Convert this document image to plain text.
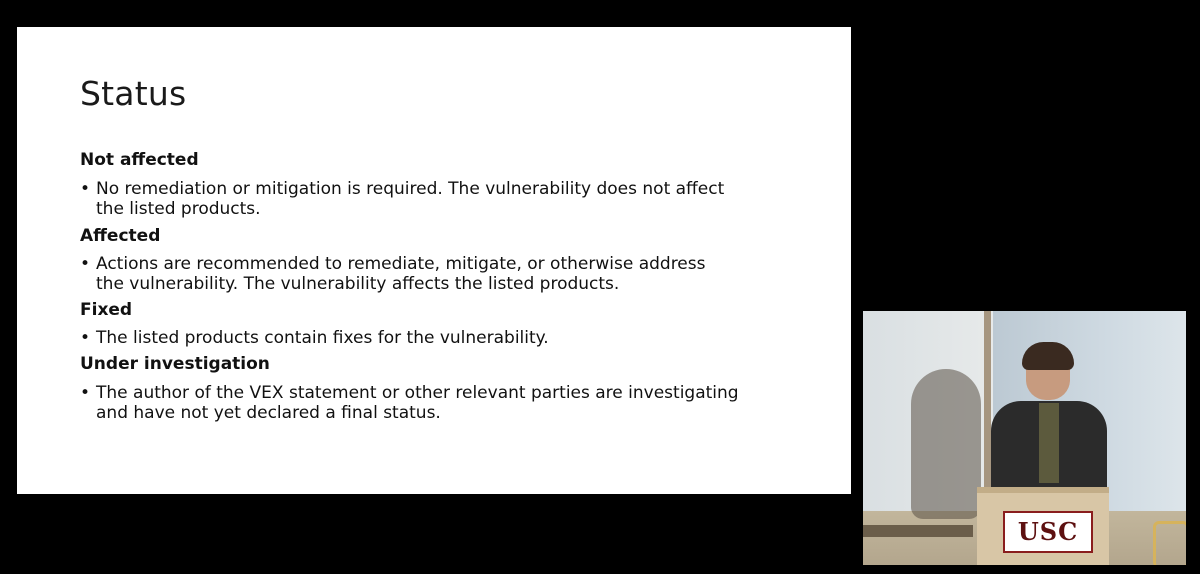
Status
Not affected
• No remediation or mitigation is required. The vulnerability does not affect
the listed products.
Affected
• Actions are recommended to remediate, mitigate, or otherwise address
the vulnerability. The vulnerability affects the listed products.
Fixed
• The listed products contain fixes for the vulnerability.
Under investigation
• The author of the VEX statement or other relevant parties are investigating
and have not yet declared a final status.
USC
